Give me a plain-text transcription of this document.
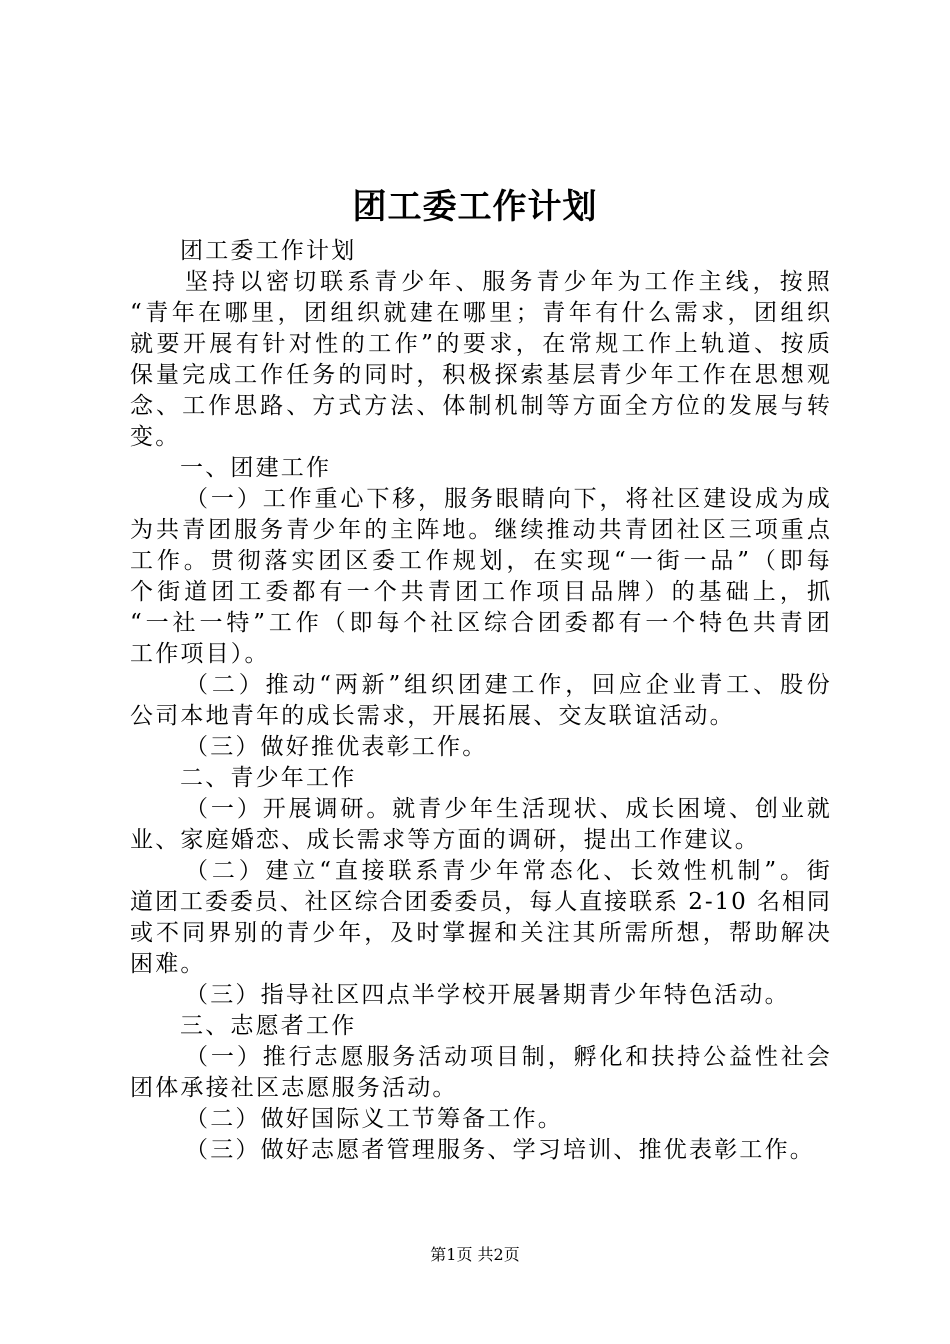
团工委工作计划
团工委工作计划
坚 持 以 密 切 联 系 青 少 年 、 服 务 青 少 年 为 工 作 主 线 ， 按 照
“ 青 年 在 哪 里 ， 团 组 织 就 建 在 哪 里 ； 青 年 有 什 么 需 求 ， 团 组 织
就 要 开 展 有 针 对 性 的 工 作 ” 的 要 求 ， 在 常 规 工 作 上 轨 道 、 按 质
保 量 完 成 工 作 任 务 的 同 时 ， 积 极 探 索 基 层 青 少 年 工 作 在 思 想 观
念 、 工 作 思 路 、 方 式 方 法 、 体 制 机 制 等 方 面 全 方 位 的 发 展 与 转
变。
一、团建工作
（ 一 ） 工 作 重 心 下 移 ， 服 务 眼 睛 向 下 ， 将 社 区 建 设 成 为 成
为 共 青 团 服 务 青 少 年 的 主 阵 地 。 继 续 推 动 共 青 团 社 区 三 项 重 点
工 作 。 贯 彻 落 实 团 区 委 工 作 规 划 ， 在 实 现 “ 一 街 一 品 ” （ 即 每
个 街 道 团 工 委 都 有 一 个 共 青 团 工 作 项 目 品 牌 ） 的 基 础 上 ， 抓
“ 一 社 一 特 ” 工 作 （ 即 每 个 社 区 综 合 团 委 都 有 一 个 特 色 共 青 团
工作项目）。
（ 二 ） 推 动 “ 两 新 ” 组 织 团 建 工 作 ， 回 应 企 业 青 工 、 股 份
公司本地青年的成长需求，开展拓展、交友联谊活动。
（三）做好推优表彰工作。
二、青少年工作
（ 一 ） 开 展 调 研 。 就 青 少 年 生 活 现 状 、 成 长 困 境 、 创 业 就
业、家庭婚恋、成长需求等方面的调研，提出工作建议。
（ 二 ） 建 立 “ 直 接 联 系 青 少 年 常 态 化 、 长 效 性 机 制 ” 。 街
道 团 工 委 委 员 、 社 区 综 合 团 委 委 员 ， 每 人 直 接 联 系
2 - 1 0
名 相 同
或 不 同 界 别 的 青 少 年 ， 及 时 掌 握 和 关 注 其 所 需 所 想 ， 帮 助 解 决
困难。
（三）指导社区四点半学校开展暑期青少年特色活动。
三、志愿者工作
（ 一 ） 推 行 志 愿 服 务 活 动 项 目 制 ， 孵 化 和 扶 持 公 益 性 社 会
团体承接社区志愿服务活动。
（二）做好国际义工节筹备工作。
（三）做好志愿者管理服务、学习培训、推优表彰工作。
第1页 共2页
